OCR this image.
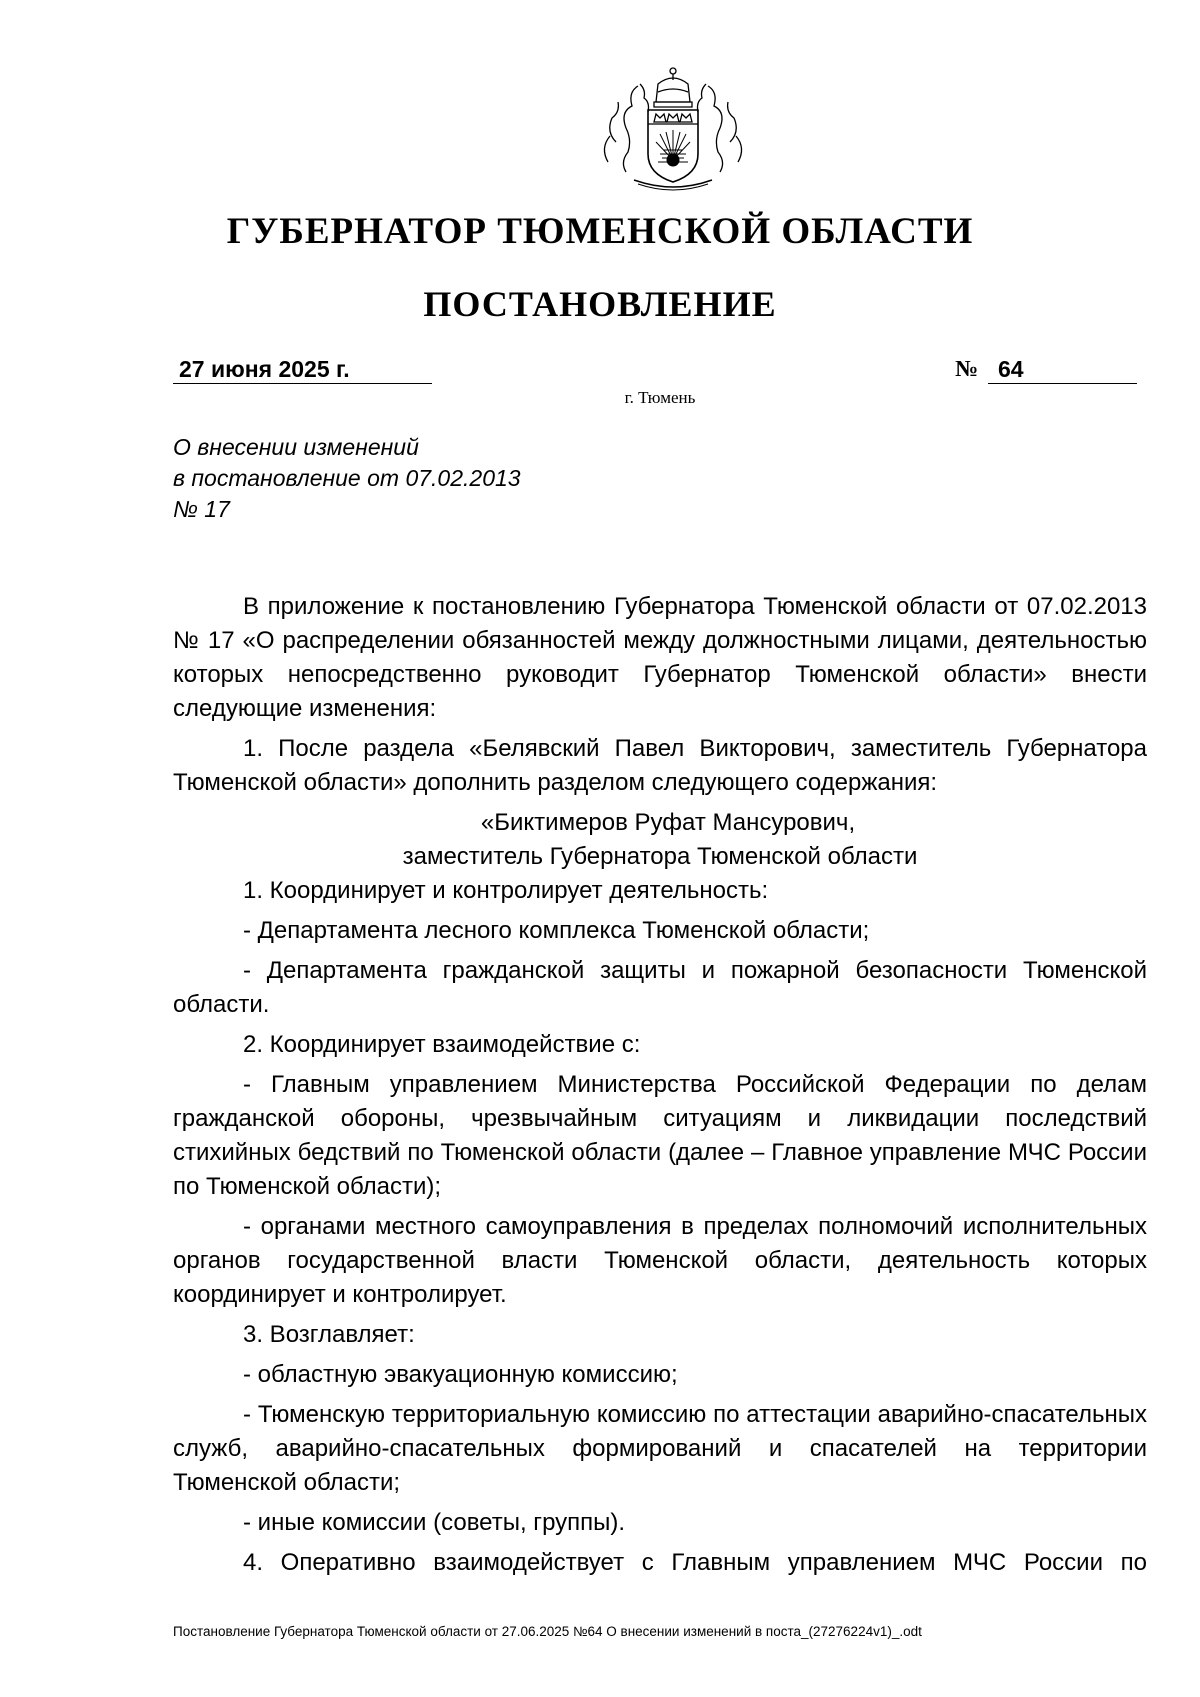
ГУБЕРНАТОР ТЮМЕНСКОЙ ОБЛАСТИ
ПОСТАНОВЛЕНИЕ
27 июня 2025 г.	№ 64
г. Тюмень
О внесении изменений
в постановление от 07.02.2013
№ 17

В приложение к постановлению Губернатора Тюменской области от 07.02.2013 № 17 «О распределении обязанностей между должностными лицами, деятельностью которых непосредственно руководит Губернатор Тюменской области» внести следующие изменения:

1. После раздела «Белявский Павел Викторович, заместитель Губернатора Тюменской области» дополнить разделом следующего содержания:

«Биктимеров Руфат Мансурович,

заместитель Губернатора Тюменской области

1. Координирует и контролирует деятельность:

- Департамента лесного комплекса Тюменской области;

- Департамента гражданской защиты и пожарной безопасности Тюменской области.

2. Координирует взаимодействие с:

- Главным управлением Министерства Российской Федерации по делам гражданской обороны, чрезвычайным ситуациям и ликвидации последствий стихийных бедствий по Тюменской области (далее – Главное управление МЧС России по Тюменской области);

- органами местного самоуправления в пределах полномочий исполнительных органов государственной власти Тюменской области, деятельность которых координирует и контролирует.

3. Возглавляет:

- областную эвакуационную комиссию;

- Тюменскую территориальную комиссию по аттестации аварийно-спасательных служб, аварийно-спасательных формирований и спасателей на территории Тюменской области;

- иные комиссии (советы, группы).

4. Оперативно взаимодействует с Главным управлением МЧС России по

Постановление Губернатора Тюменской области от 27.06.2025 №64 О внесении изменений в поста_(27276224v1)_.odt
